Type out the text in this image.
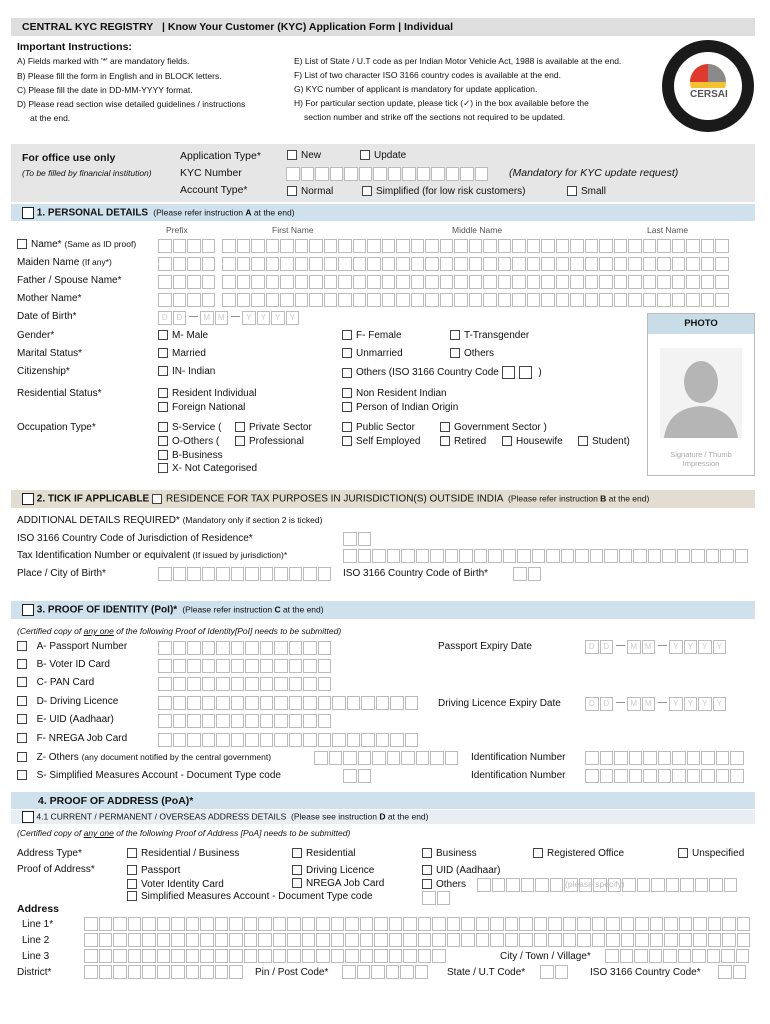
CENTRAL KYC REGISTRY | Know Your Customer (KYC) Application Form | Individual
Important Instructions:
A) Fields marked with '*' are mandatory fields.
B) Please fill the form in English and in BLOCK letters.
C) Please fill the date in DD-MM-YYYY format.
D) Please read section wise detailed guidelines / instructions
at the end.
E) List of State / U.T code as per Indian Motor Vehicle Act, 1988 is available at the end.
F) List of two character ISO 3166 country codes is available at the end.
G) KYC number of applicant is mandatory for update application.
H) For particular section update, please tick (✓) in the box available before the
section number and strike off the sections not required to be updated.
CERSAI
For office use only
(To be filled by financial institution)
Application Type*	New	Update
KYC Number	(Mandatory for KYC update request)
Account Type*	Normal	Simplified (for low risk customers)	Small
1. PERSONAL DETAILS (Please refer instruction A at the end)
Prefix	First Name	Middle Name	Last Name
Name* (Same as ID proof)
Maiden Name (If any*)
Father / Spouse Name*
Mother Name*
Date of Birth*	D	D — M M — Y	Y	Y	Y
PHOTO
Signature / Thumb
Impression
Gender*	M- Male	F- Female	T-Transgender
Marital Status*	Married	Unmarried	Others
Citizenship*	IN- Indian	Others (ISO 3166 Country Code	)
Residential Status*	Resident Individual	Non Resident Indian
Foreign National	Person of Indian Origin
Occupation Type*	S-Service (	Private Sector	Public Sector	Government Sector )
O-Others (	Professional	Self Employed	Retired	Housewife	Student)
B-Business
X- Not Categorised
2. TICK IF APPLICABLE RESIDENCE FOR TAX PURPOSES IN JURISDICTION(S) OUTSIDE INDIA (Please refer instruction B at the end)
ADDITIONAL DETAILS REQUIRED* (Mandatory only if section 2 is ticked)
ISO 3166 Country Code of Jurisdiction of Residence*
Tax Identification Number or equivalent (If issued by jurisdiction)*
Place / City of Birth*	ISO 3166 Country Code of Birth*
3. PROOF OF IDENTITY (PoI)* (Please refer instruction C at the end)
(Certified copy of any one of the following Proof of Identity[PoI] needs to be submitted)
A- Passport Number	Passport Expiry Date	D	D — M M — Y	Y	Y	Y
B- Voter ID Card
C- PAN Card
D- Driving Licence	Driving Licence Expiry Date	D	D — M M — Y	Y	Y	Y
E- UID (Aadhaar)
F- NREGA Job Card
Z- Others (any document notified by the central government)	Identification Number
S- Simplified Measures Account - Document Type code	Identification Number
4. PROOF OF ADDRESS (PoA)*
4.1 CURRENT / PERMANENT / OVERSEAS ADDRESS DETAILS (Please see instruction D at the end)
(Certified copy of any one of the following Proof of Address [PoA] needs to be submitted)
Address Type*	Residential / Business	Residential	Business	Registered Office	Unspecified
Proof of Address*	Passport	Driving Licence	UID (Aadhaar)
Voter Identity Card	NREGA Job Card	Others	(please specify)
Simplified Measures Account - Document Type code
Address
Line 1*
Line 2
Line 3	City / Town / Village*
District*	Pin / Post Code*	State / U.T Code*	ISO 3166 Country Code*
